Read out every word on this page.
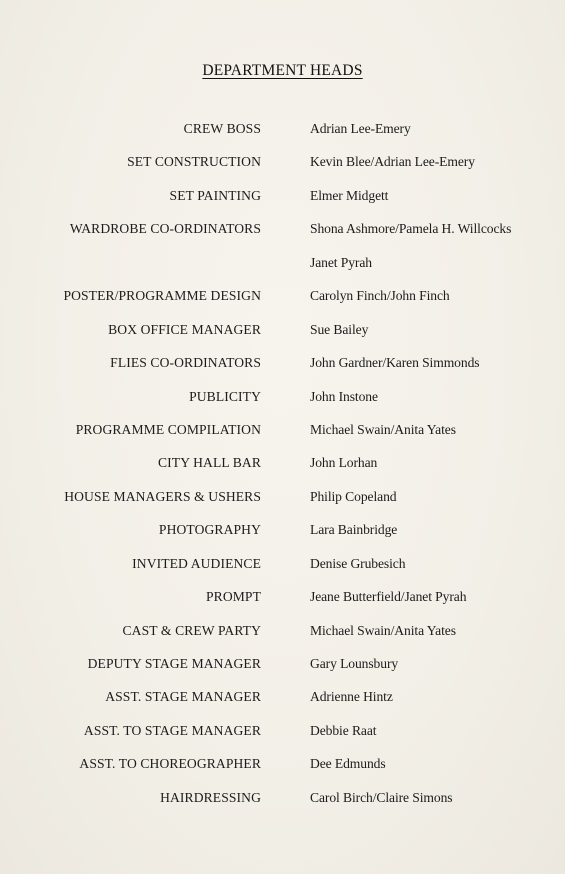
DEPARTMENT HEADS
CREW BOSS	Adrian Lee-Emery
SET CONSTRUCTION	Kevin Blee/Adrian Lee-Emery
SET PAINTING	Elmer Midgett
WARDROBE CO-ORDINATORS	Shona Ashmore/Pamela H. Willcocks
Janet Pyrah
POSTER/PROGRAMME DESIGN	Carolyn Finch/John Finch
BOX OFFICE MANAGER	Sue Bailey
FLIES CO-ORDINATORS	John Gardner/Karen Simmonds
PUBLICITY	John Instone
PROGRAMME COMPILATION	Michael Swain/Anita Yates
CITY HALL BAR	John Lorhan
HOUSE MANAGERS & USHERS	Philip Copeland
PHOTOGRAPHY	Lara Bainbridge
INVITED AUDIENCE	Denise Grubesich
PROMPT	Jeane Butterfield/Janet Pyrah
CAST & CREW PARTY	Michael Swain/Anita Yates
DEPUTY STAGE MANAGER	Gary Lounsbury
ASST. STAGE MANAGER	Adrienne Hintz
ASST. TO STAGE MANAGER	Debbie Raat
ASST. TO CHOREOGRAPHER	Dee Edmunds
HAIRDRESSING	Carol Birch/Claire Simons
